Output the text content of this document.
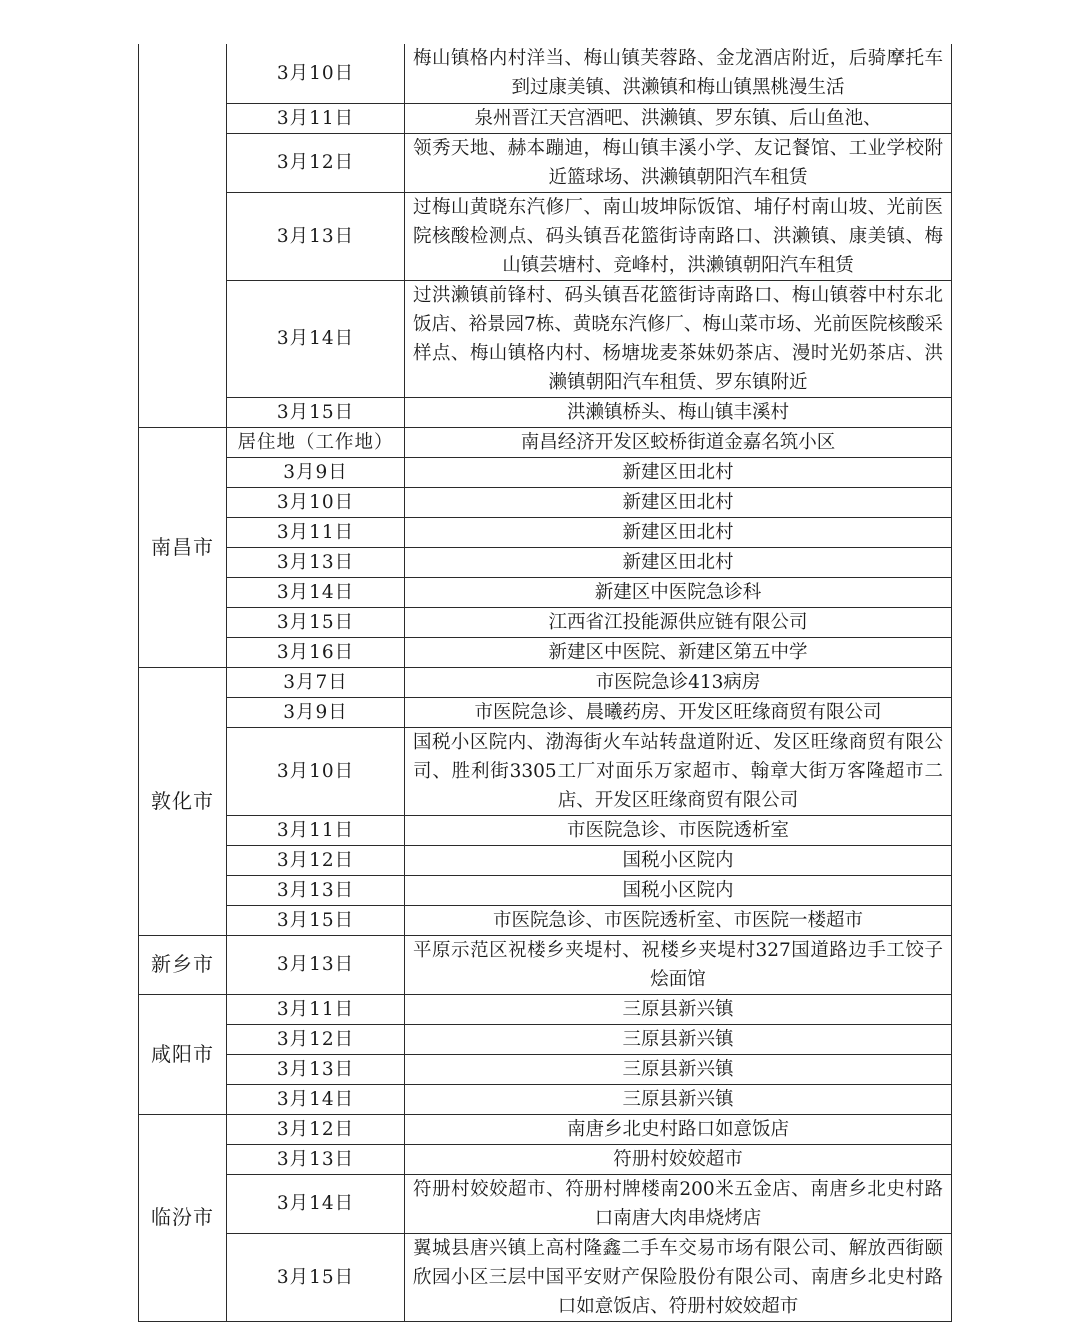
	3月10日	梅山镇格内村洋当、梅山镇芙蓉路、金龙酒店附近，后骑摩托车到过康美镇、洪濑镇和梅山镇黑桃漫生活
	3月11日	泉州晋江天宫酒吧、洪濑镇、罗东镇、后山鱼池、
	3月12日	领秀天地、赫本蹦迪，梅山镇丰溪小学、友记餐馆、工业学校附近篮球场、洪濑镇朝阳汽车租赁
	3月13日	过梅山黄晓东汽修厂、南山坡坤际饭馆、埔仔村南山坡、光前医院核酸检测点、码头镇吾花篮街诗南路口、洪濑镇、康美镇、梅山镇芸塘村、竞峰村，洪濑镇朝阳汽车租赁
	3月14日	过洪濑镇前锋村、码头镇吾花篮街诗南路口、梅山镇蓉中村东北饭店、裕景园7栋、黄晓东汽修厂、梅山菜市场、光前医院核酸采样点、梅山镇格内村、杨塘垅麦茶妹奶茶店、漫时光奶茶店、洪濑镇朝阳汽车租赁、罗东镇附近
	3月15日	洪濑镇桥头、梅山镇丰溪村
南昌市	居住地（工作地）	南昌经济开发区蛟桥街道金嘉名筑小区
	3月9日	新建区田北村
	3月10日	新建区田北村
	3月11日	新建区田北村
	3月13日	新建区田北村
	3月14日	新建区中医院急诊科
	3月15日	江西省江投能源供应链有限公司
	3月16日	新建区中医院、新建区第五中学
敦化市	3月7日	市医院急诊413病房
	3月9日	市医院急诊、晨曦药房、开发区旺缘商贸有限公司
	3月10日	国税小区院内、渤海街火车站转盘道附近、发区旺缘商贸有限公司、胜利街3305工厂对面乐万家超市、翰章大街万客隆超市二店、开发区旺缘商贸有限公司
	3月11日	市医院急诊、市医院透析室
	3月12日	国税小区院内
	3月13日	国税小区院内
	3月15日	市医院急诊、市医院透析室、市医院一楼超市
新乡市	3月13日	平原示范区祝楼乡夹堤村、祝楼乡夹堤村327国道路边手工饺子烩面馆
咸阳市	3月11日	三原县新兴镇
	3月12日	三原县新兴镇
	3月13日	三原县新兴镇
	3月14日	三原县新兴镇
临汾市	3月12日	南唐乡北史村路口如意饭店
	3月13日	符册村姣姣超市
	3月14日	符册村姣姣超市、符册村牌楼南200米五金店、南唐乡北史村路口南唐大肉串烧烤店
	3月15日	翼城县唐兴镇上高村隆鑫二手车交易市场有限公司、解放西街颐欣园小区三层中国平安财产保险股份有限公司、南唐乡北史村路口如意饭店、符册村姣姣超市
